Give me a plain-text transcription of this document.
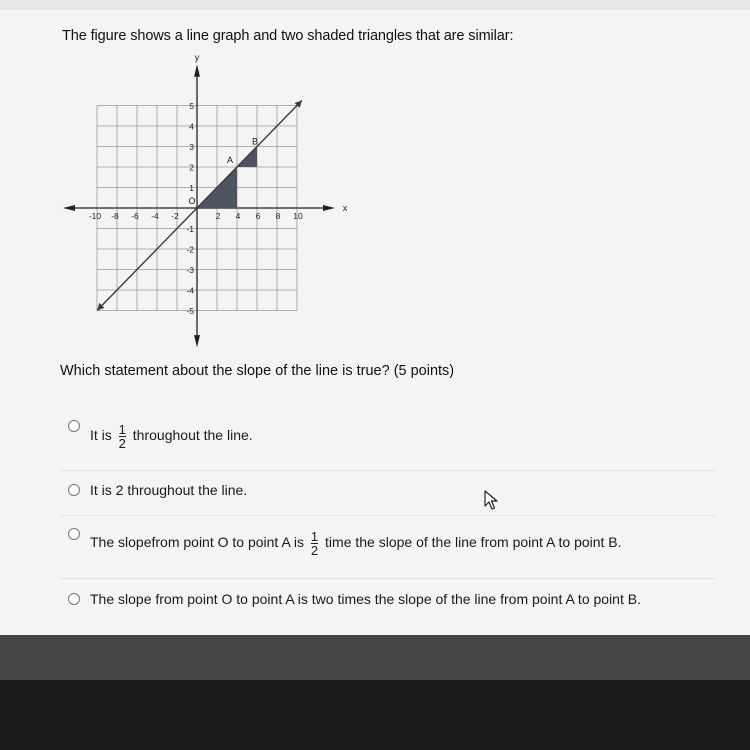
The figure shows a line graph and two shaded triangles that are similar:
-10 -8 -6 -4 -2	2 4 6 8 10
5
4
3
2
1
-1
-2
-3
-4
-5
O
A
B
x
y
Which statement about the slope of the line is true? (5 points)
It is $\frac{1}{2}$ throughout the line.
It is 2 throughout the line.
The slopefrom point O to point A is $\frac{1}{2}$ time the slope of the line from point A to point B.
The slope from point O to point A is two times the slope of the line from point A to point B.
